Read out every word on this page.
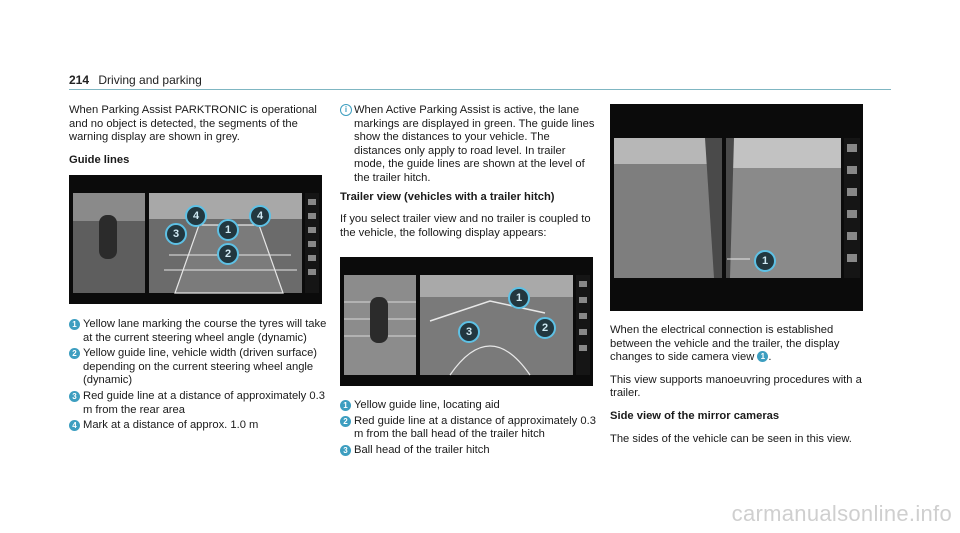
214 Driving and parking

When Parking Assist PARKTRONIC is operational and no object is detected, the segments of the warning display are shown in grey.

Guide lines

4
1
4
3
2
1 Yellow lane marking the course the tyres will take at the current steering wheel angle (dynamic)
2 Yellow guide line, vehicle width (driven surface) depending on the current steering wheel angle (dynamic)
3 Red guide line at a distance of approximately 0.3 m from the rear area
4 Mark at a distance of approx. 1.0 m
i When Active Parking Assist is active, the lane markings are displayed in green. The guide lines show the distances to your vehicle. The distances only apply to road level. In trailer mode, the guide lines are shown at the level of the trailer hitch.

Trailer view (vehicles with a trailer hitch)

If you select trailer view and no trailer is coupled to the vehicle, the following display appears:

1
3	2
1 Yellow guide line, locating aid
2 Red guide line at a distance of approximately 0.3 m from the ball head of the trailer hitch
3 Ball head of the trailer hitch
1

When the electrical connection is established between the vehicle and the trailer, the display changes to side camera view 1 .

This view supports manoeuvring procedures with a trailer.

Side view of the mirror cameras

The sides of the vehicle can be seen in this view.

carmanualsonline.info
